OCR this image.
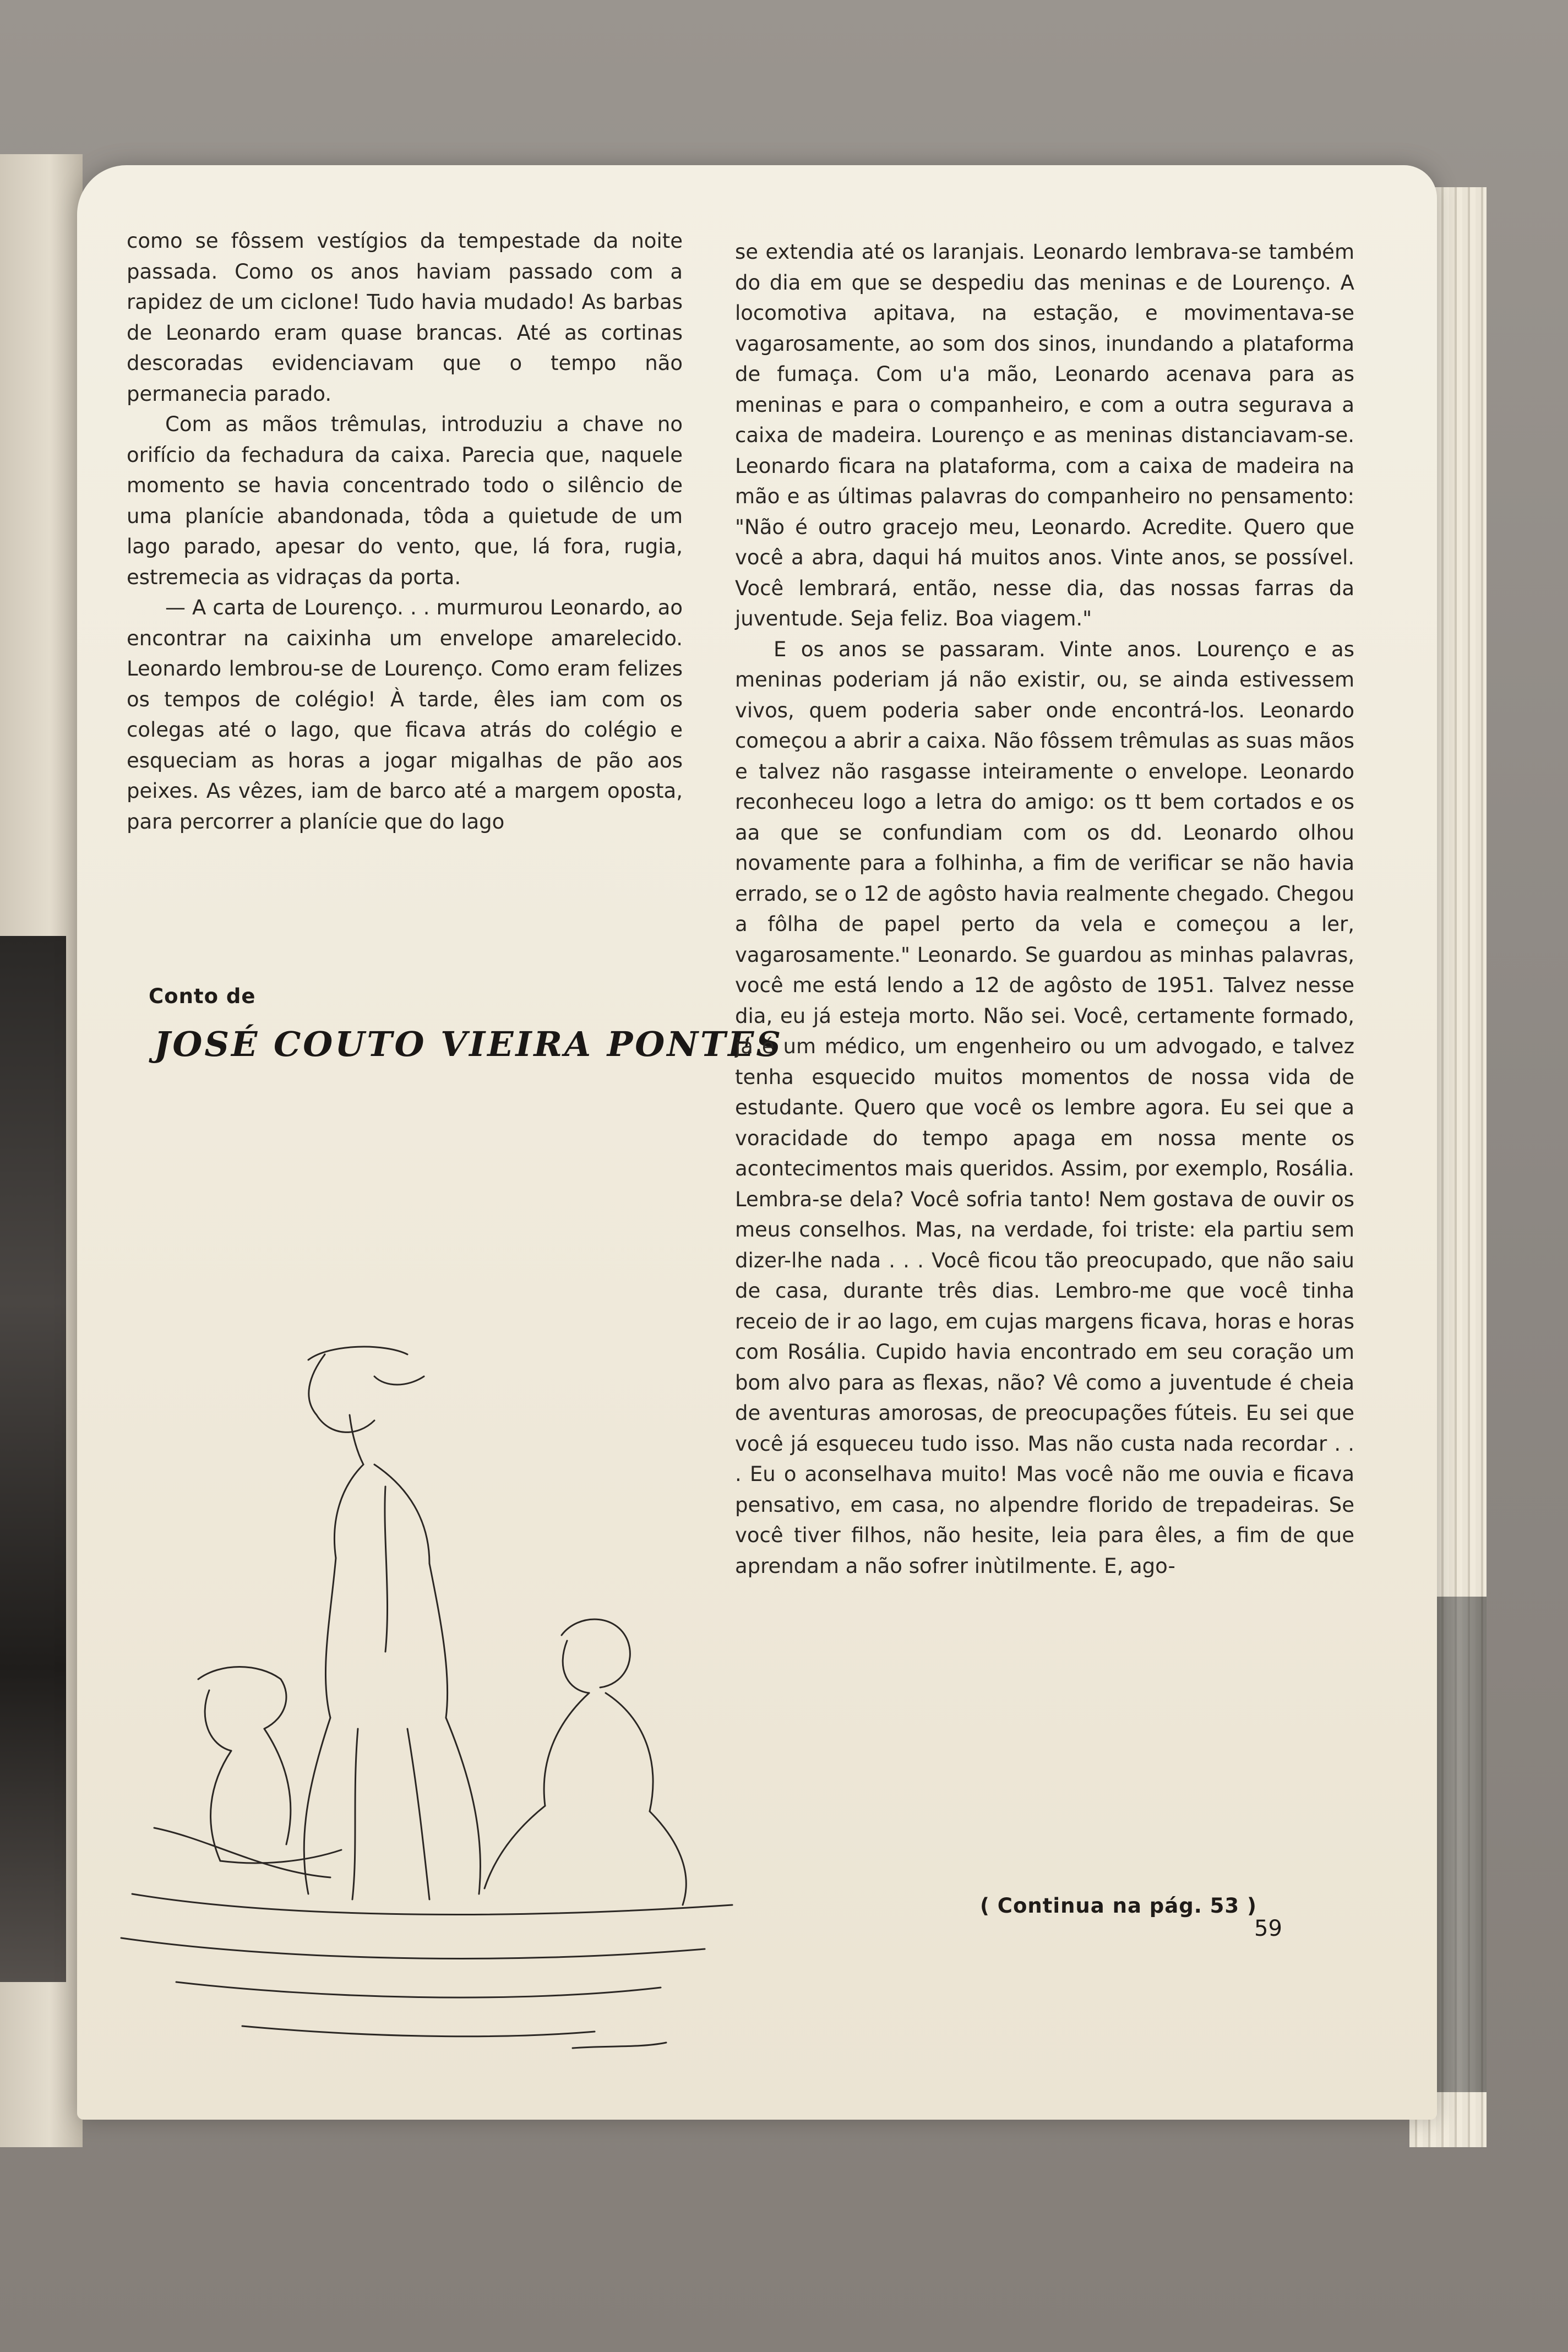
como se fôssem vestígios da tempestade da noite passada. Como os anos haviam passado com a rapidez de um ciclone! Tudo havia mudado! As barbas de Leonardo eram quase brancas. Até as cortinas descoradas evidenciavam que o tempo não permanecia parado.

Com as mãos trêmulas, introduziu a chave no orifício da fechadura da caixa. Parecia que, naquele momento se havia concentrado todo o silêncio de uma planície abandonada, tôda a quietude de um lago parado, apesar do vento, que, lá fora, rugia, estremecia as vidraças da porta.

— A carta de Lourenço. . . murmurou Leonardo, ao encontrar na caixinha um envelope amarelecido. Leonardo lembrou-se de Lourenço. Como eram felizes os tempos de colégio! À tarde, êles iam com os colegas até o lago, que ficava atrás do colégio e esqueciam as horas a jogar migalhas de pão aos peixes. As vêzes, iam de barco até a margem oposta, para percorrer a planície que do lago

Conto de
JOSÉ COUTO VIEIRA PONTES

se extendia até os laranjais. Leonardo lembrava-se também do dia em que se despediu das meninas e de Lourenço. A locomotiva apitava, na estação, e movimentava-se vagarosamente, ao som dos sinos, inundando a plataforma de fumaça. Com u'a mão, Leonardo acenava para as meninas e para o companheiro, e com a outra segurava a caixa de madeira. Lourenço e as meninas distanciavam-se. Leonardo ficara na plataforma, com a caixa de madeira na mão e as últimas palavras do companheiro no pensamento: "Não é outro gracejo meu, Leonardo. Acredite. Quero que você a abra, daqui há muitos anos. Vinte anos, se possível. Você lembrará, então, nesse dia, das nossas farras da juventude. Seja feliz. Boa viagem."

E os anos se passaram. Vinte anos. Lourenço e as meninas poderiam já não existir, ou, se ainda estivessem vivos, quem poderia saber onde encontrá-los. Leonardo começou a abrir a caixa. Não fôssem trêmulas as suas mãos e talvez não rasgasse inteiramente o envelope. Leonardo reconheceu logo a letra do amigo: os tt bem cortados e os aa que se confundiam com os dd. Leonardo olhou novamente para a folhinha, a fim de verificar se não havia errado, se o 12 de agôsto havia realmente chegado. Chegou a fôlha de papel perto da vela e começou a ler, vagarosamente." Leonardo. Se guardou as minhas palavras, você me está lendo a 12 de agôsto de 1951. Talvez nesse dia, eu já esteja morto. Não sei. Você, certamente formado, já é um médico, um engenheiro ou um advogado, e talvez tenha esquecido muitos momentos de nossa vida de estudante. Quero que você os lembre agora. Eu sei que a voracidade do tempo apaga em nossa mente os acontecimentos mais queridos. Assim, por exemplo, Rosália. Lembra-se dela? Você sofria tanto! Nem gostava de ouvir os meus conselhos. Mas, na verdade, foi triste: ela partiu sem dizer-lhe nada . . . Você ficou tão preocupado, que não saiu de casa, durante três dias. Lembro-me que você tinha receio de ir ao lago, em cujas margens ficava, horas e horas com Rosália. Cupido havia encontrado em seu coração um bom alvo para as flexas, não? Vê como a juventude é cheia de aventuras amorosas, de preocupações fúteis. Eu sei que você já esqueceu tudo isso. Mas não custa nada recordar . . . Eu o aconselhava muito! Mas você não me ouvia e ficava pensativo, em casa, no alpendre florido de trepadeiras. Se você tiver filhos, não hesite, leia para êles, a fim de que aprendam a não sofrer inùtilmente. E, ago-

( Continua na pág. 53 )
59
